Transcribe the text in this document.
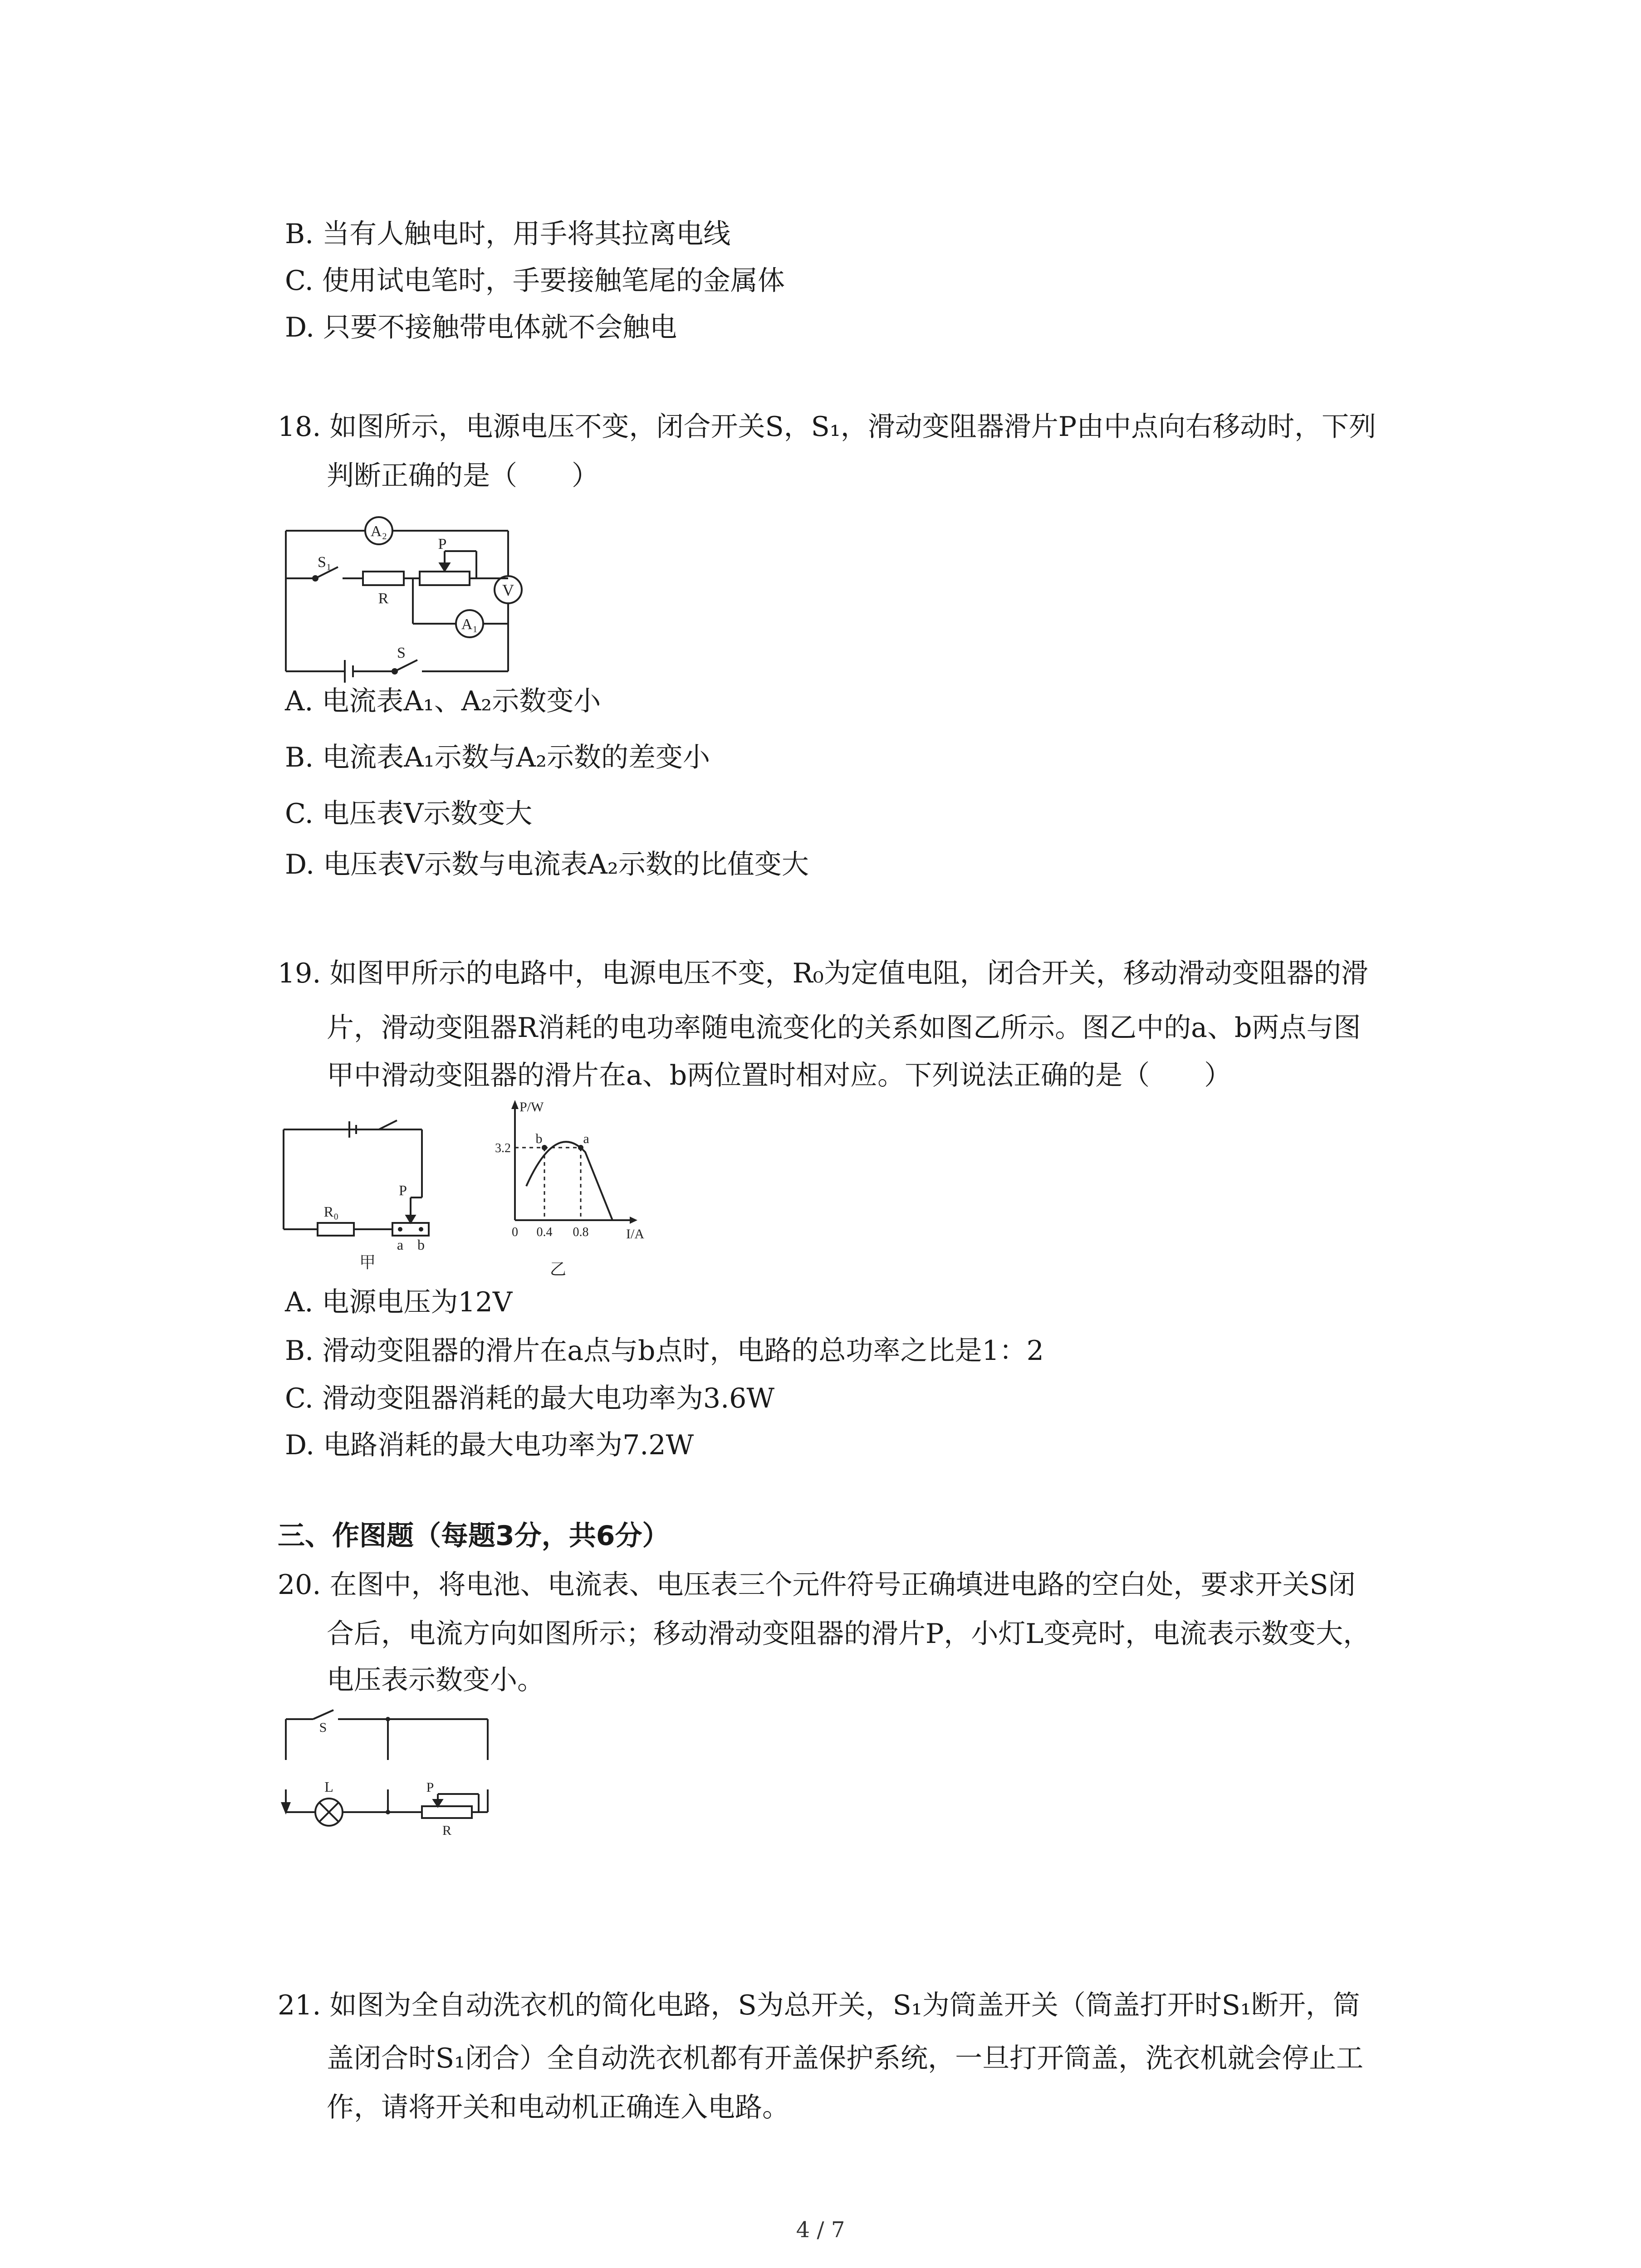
B. 当有人触电时，用手将其拉离电线
C. 使用试电笔时，手要接触笔尾的金属体
D. 只要不接触带电体就不会触电
18. 如图所示，电源电压不变，闭合开关S，S₁，滑动变阻器滑片P由中点向右移动时，下列
判断正确的是（　　）
A₂
A₁
V
S₁
R
P
S
A. 电流表A₁、A₂示数变小
B. 电流表A₁示数与A₂示数的差变小
C. 电压表V示数变大
D. 电压表V示数与电流表A₂示数的比值变大
19. 如图甲所示的电路中，电源电压不变，R₀为定值电阻，闭合开关，移动滑动变阻器的滑
片，滑动变阻器R消耗的电功率随电流变化的关系如图乙所示。图乙中的a、b两点与图
甲中滑动变阻器的滑片在a、b两位置时相对应。下列说法正确的是（　　）
R₀
P
a b
甲
P/W
I/A
3.2
0 0.4 0.8
b	a
乙
A. 电源电压为12V
B. 滑动变阻器的滑片在a点与b点时，电路的总功率之比是1：2
C. 滑动变阻器消耗的最大电功率为3.6W
D. 电路消耗的最大电功率为7.2W
三、作图题（每题3分，共6分）
20. 在图中，将电池、电流表、电压表三个元件符号正确填进电路的空白处，要求开关S闭
合后，电流方向如图所示；移动滑动变阻器的滑片P，小灯L变亮时，电流表示数变大，
电压表示数变小。
S
L	P
R
21. 如图为全自动洗衣机的简化电路，S为总开关，S₁为筒盖开关（筒盖打开时S₁断开，筒
盖闭合时S₁闭合）全自动洗衣机都有开盖保护系统，一旦打开筒盖，洗衣机就会停止工
作，请将开关和电动机正确连入电路。
4 / 7
